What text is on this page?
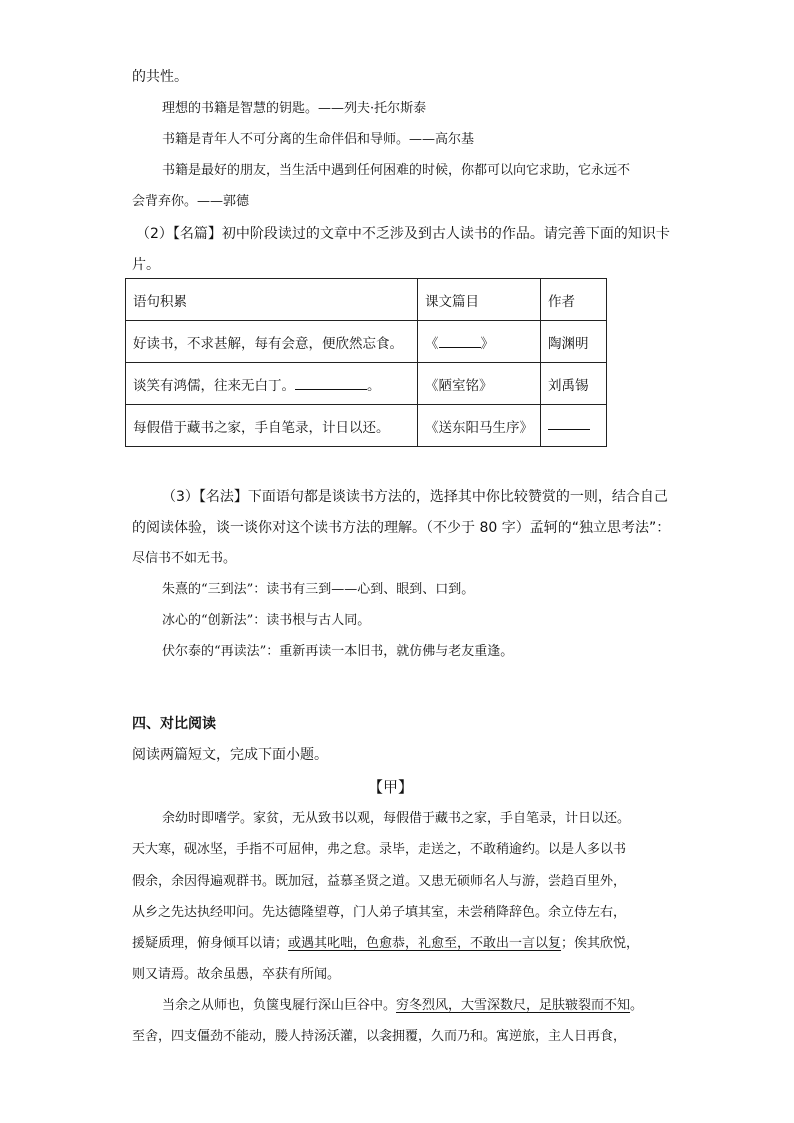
的共性。
理想的书籍是智慧的钥匙。——列夫·托尔斯泰
书籍是青年人不可分离的生命伴侣和导师。——高尔基
书籍是最好的朋友，当生活中遇到任何困难的时候，你都可以向它求助，它永远不
会背弃你。——郭德
（2）【名篇】初中阶段读过的文章中不乏涉及到古人读书的作品。请完善下面的知识卡
片。
语句积累	课文篇目	作者
好读书，不求甚解，每有会意，便欣然忘食。	《 》	陶渊明
谈笑有鸿儒，往来无白丁。 。	《陋室铭》	刘禹锡
每假借于藏书之家，手自笔录，计日以还。	《送东阳马生序》	
（3）【名法】下面语句都是谈读书方法的，选择其中你比较赞赏的一则，结合自己
的阅读体验，谈一谈你对这个读书方法的理解。（不少于 80 字）孟轲的“独立思考法”：
尽信书不如无书。
朱熹的“三到法”：读书有三到——心到、眼到、口到。
冰心的“创新法”：读书根与古人同。
伏尔泰的“再读法”：重新再读一本旧书，就仿佛与老友重逢。
四、对比阅读
阅读两篇短文，完成下面小题。
【甲】
余幼时即嗜学。家贫，无从致书以观，每假借于藏书之家，手自笔录，计日以还。
天大寒，砚冰坚，手指不可屈伸，弗之怠。录毕，走送之，不敢稍逾约。以是人多以书
假余，余因得遍观群书。既加冠，益慕圣贤之道。又患无硕师名人与游，尝趋百里外，
从乡之先达执经叩问。先达德隆望尊，门人弟子填其室，未尝稍降辞色。余立侍左右，
援疑质理，俯身倾耳以请；或遇其叱咄，色愈恭，礼愈至，不敢出一言以复；俟其欣悦，
则又请焉。故余虽愚，卒获有所闻。
当余之从师也，负箧曳屣行深山巨谷中。穷冬烈风，大雪深数尺，足肤皲裂而不知。
至舍，四支僵劲不能动，媵人持汤沃灌，以衾拥覆，久而乃和。寓逆旅，主人日再食，
